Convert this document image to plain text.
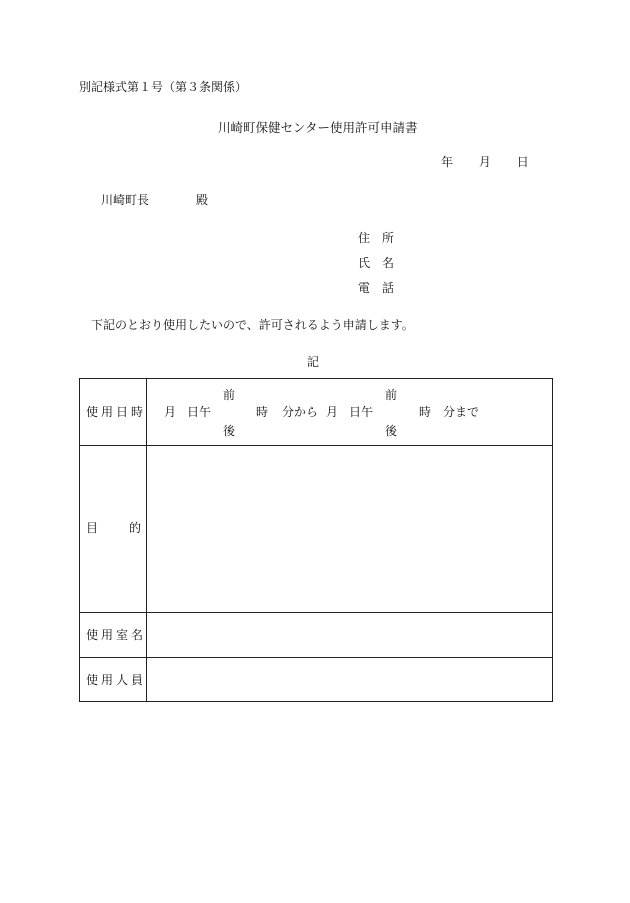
別記様式第１号（第３条関係）
川崎町保健センター使用許可申請書
年 月 日
川崎町長	殿
住　所
氏　名
電　話
下記のとおり使用したいので、許可されるよう申請します。
記
使用日時
前
月 日午
後
時 分から
前
月 日午
後
時 分まで
目	的
使用室名
使用人員
